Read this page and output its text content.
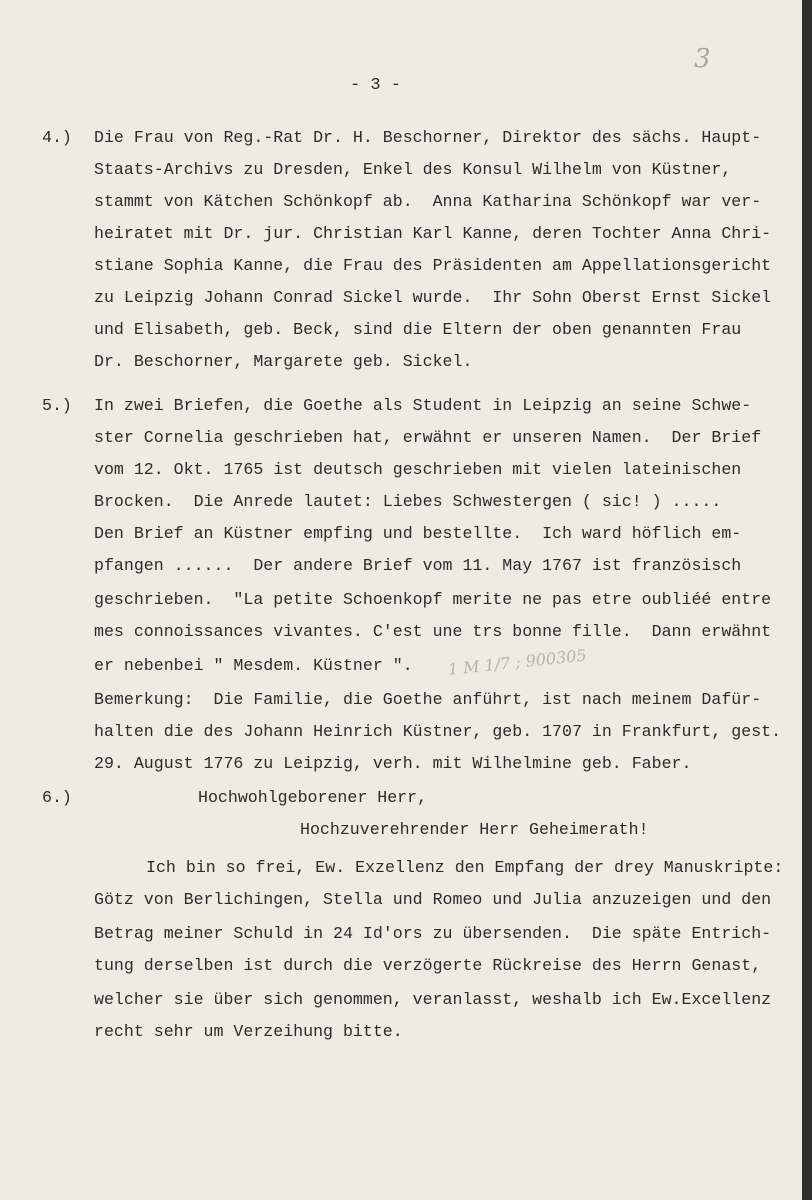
3
- 3 -
4.) Die Frau von Reg.-Rat Dr. H. Beschorner, Direktor des sächs. Haupt-
Staats-Archivs zu Dresden, Enkel des Konsul Wilhelm von Küstner,
stammt von Kätchen Schönkopf ab.  Anna Katharina Schönkopf war ver-
heiratet mit Dr. jur. Christian Karl Kanne, deren Tochter Anna Chri-
stiane Sophia Kanne, die Frau des Präsidenten am Appellationsgericht
zu Leipzig Johann Conrad Sickel wurde.  Ihr Sohn Oberst Ernst Sickel
und Elisabeth, geb. Beck, sind die Eltern der oben genannten Frau
Dr. Beschorner, Margarete geb. Sickel.
5.) In zwei Briefen, die Goethe als Student in Leipzig an seine Schwe-
ster Cornelia geschrieben hat, erwähnt er unseren Namen.  Der Brief
vom 12. Okt. 1765 ist deutsch geschrieben mit vielen lateinischen
Brocken.  Die Anrede lautet: Liebes Schwestergen ( sic! ) .....
Den Brief an Küstner empfing und bestellte.  Ich ward höflich em-
pfangen ......  Der andere Brief vom 11. May 1767 ist französisch
geschrieben.  "La petite Schoenkopf merite ne pas etre oubliéé entre
mes connoissances vivantes. C'est une trs bonne fille.  Dann erwähnt
er nebenbei " Mesdem. Küstner ". 1 M 1/7 ; 900305
Bemerkung:  Die Familie, die Goethe anführt, ist nach meinem Dafür-
halten die des Johann Heinrich Küstner, geb. 1707 in Frankfurt, gest.
29. August 1776 zu Leipzig, verh. mit Wilhelmine geb. Faber.
6.)	Hochwohlgeborener Herr,
Hochzuverehrender Herr Geheimerath!
Ich bin so frei, Ew. Exzellenz den Empfang der drey Manuskripte:
Götz von Berlichingen, Stella und Romeo und Julia anzuzeigen und den
Betrag meiner Schuld in 24 Id'ors zu übersenden.  Die späte Entrich-
tung derselben ist durch die verzögerte Rückreise des Herrn Genast,
welcher sie über sich genommen, veranlasst, weshalb ich Ew.Excellenz
recht sehr um Verzeihung bitte.
